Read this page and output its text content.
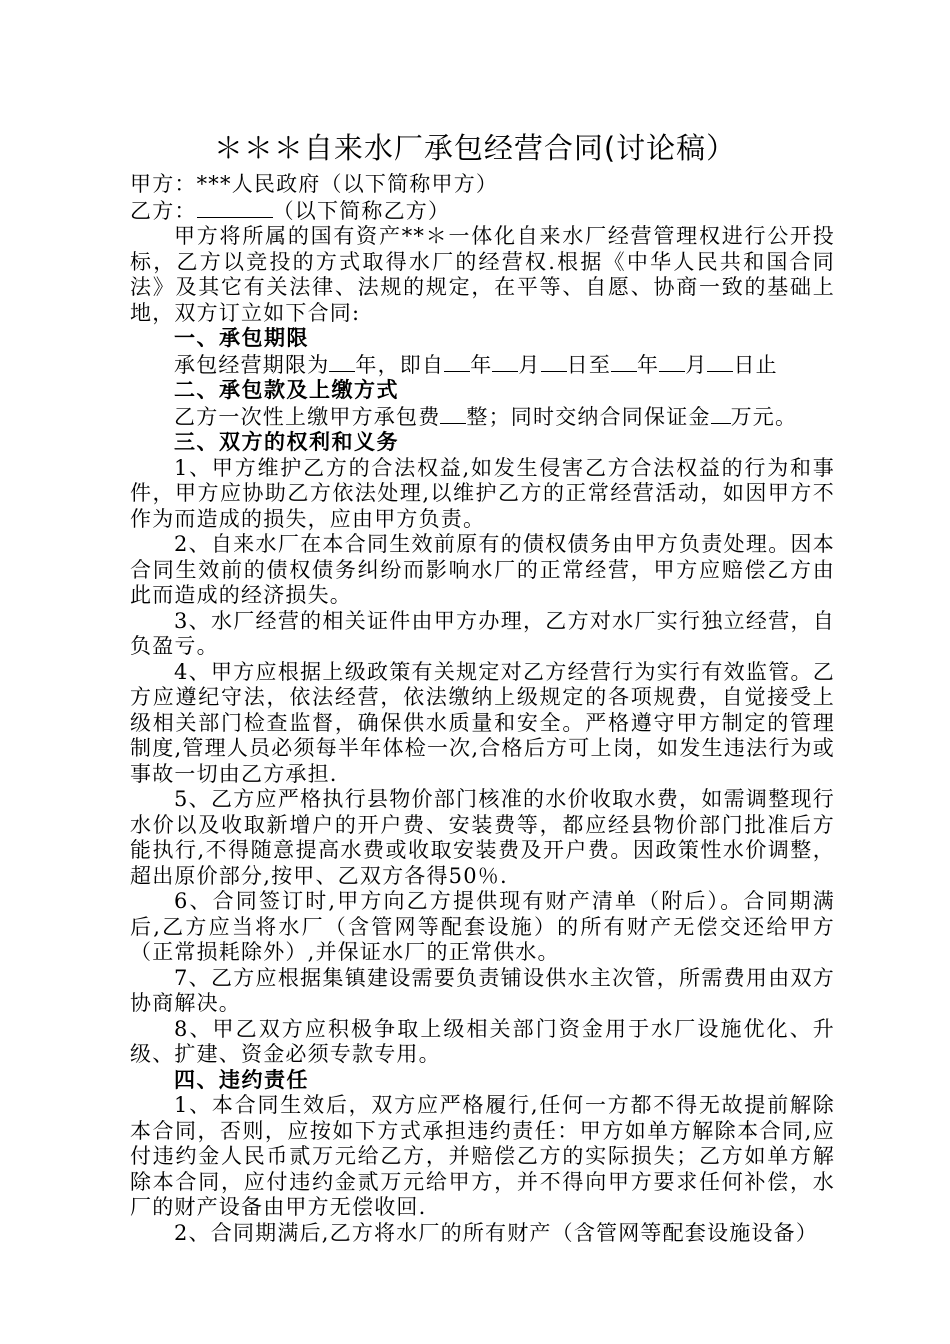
＊＊＊自来水厂承包经营合同(讨论稿）

甲方：***人民政府（以下简称甲方）

乙方：	（以下简称乙方）

甲方将所属的国有资产**＊一体化自来水厂经营管理权进行公开投标，乙方以竞投的方式取得水厂的经营权.根据《中华人民共和国合同法》及其它有关法律、法规的规定，在平等、自愿、协商一致的基础上地，双方订立如下合同:

一、承包期限

承包经营期限为 年，即自 年 月 日至 年 月 日止

二、承包款及上缴方式

乙方一次性上缴甲方承包费 整；同时交纳合同保证金 万元。

三、双方的权利和义务

1、甲方维护乙方的合法权益,如发生侵害乙方合法权益的行为和事件，甲方应协助乙方依法处理,以维护乙方的正常经营活动，如因甲方不作为而造成的损失，应由甲方负责。

2、自来水厂在本合同生效前原有的债权债务由甲方负责处理。因本合同生效前的债权债务纠纷而影响水厂的正常经营，甲方应赔偿乙方由此而造成的经济损失。

3、水厂经营的相关证件由甲方办理，乙方对水厂实行独立经营，自负盈亏。

4、甲方应根据上级政策有关规定对乙方经营行为实行有效监管。乙方应遵纪守法，依法经营，依法缴纳上级规定的各项规费，自觉接受上级相关部门检查监督，确保供水质量和安全。严格遵守甲方制定的管理制度,管理人员必须每半年体检一次,合格后方可上岗，如发生违法行为或事故一切由乙方承担.

5、乙方应严格执行县物价部门核准的水价收取水费，如需调整现行水价以及收取新增户的开户费、安装费等，都应经县物价部门批准后方能执行,不得随意提高水费或收取安装费及开户费。因政策性水价调整，超出原价部分,按甲、乙双方各得50％.

6、合同签订时,甲方向乙方提供现有财产清单（附后）。合同期满后,乙方应当将水厂（含管网等配套设施）的所有财产无偿交还给甲方（正常损耗除外）,并保证水厂的正常供水。

7、乙方应根据集镇建设需要负责铺设供水主次管，所需费用由双方协商解决。

8、甲乙双方应积极争取上级相关部门资金用于水厂设施优化、升级、扩建、资金必须专款专用。

四、违约责任

1、本合同生效后，双方应严格履行,任何一方都不得无故提前解除本合同，否则，应按如下方式承担违约责任：甲方如单方解除本合同,应付违约金人民币贰万元给乙方，并赔偿乙方的实际损失；乙方如单方解除本合同，应付违约金贰万元给甲方，并不得向甲方要求任何补偿，水厂的财产设备由甲方无偿收回.

2、合同期满后,乙方将水厂的所有财产（含管网等配套设施设备）
